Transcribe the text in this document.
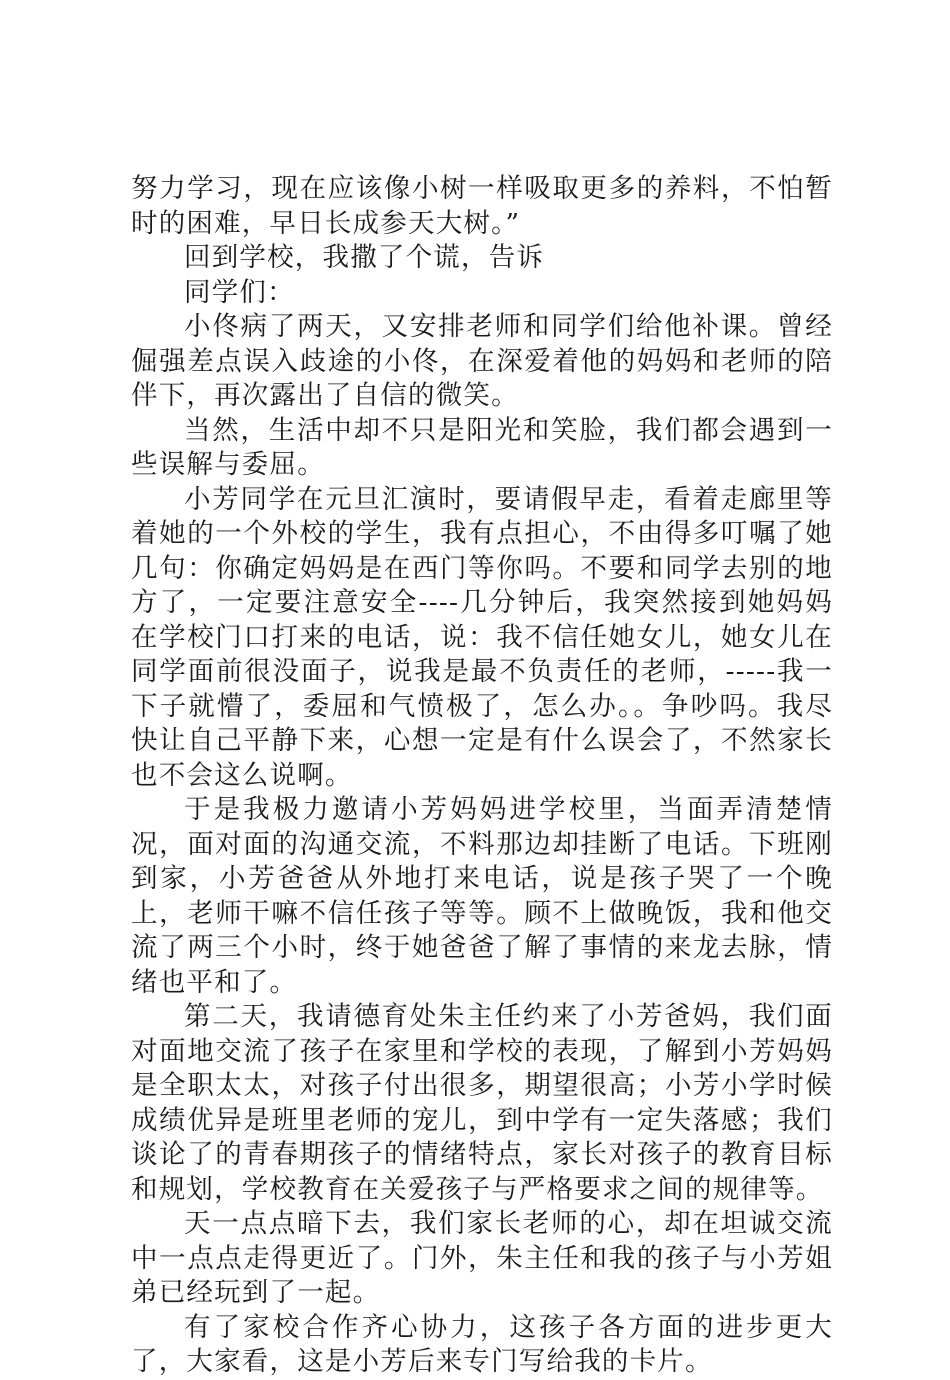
努力学习，现在应该像小树一样吸取更多的养料，不怕暂时的困难，早日长成参天大树。”

回到学校，我撒了个谎，告诉

同学们：

小佟病了两天，又安排老师和同学们给他补课。曾经倔强差点误入歧途的小佟，在深爱着他的妈妈和老师的陪伴下，再次露出了自信的微笑。

当然，生活中却不只是阳光和笑脸，我们都会遇到一些误解与委屈。

小芳同学在元旦汇演时，要请假早走，看着走廊里等着她的一个外校的学生，我有点担心，不由得多叮嘱了她几句：你确定妈妈是在西门等你吗。不要和同学去别的地方了，一定要注意安全----几分钟后，我突然接到她妈妈在学校门口打来的电话，说：我不信任她女儿，她女儿在同学面前很没面子，说我是最不负责任的老师，-----我一下子就懵了，委屈和气愤极了，怎么办。。争吵吗。我尽快让自己平静下来，心想一定是有什么误会了，不然家长也不会这么说啊。

于是我极力邀请小芳妈妈进学校里，当面弄清楚情况，面对面的沟通交流，不料那边却挂断了电话。下班刚到家，小芳爸爸从外地打来电话，说是孩子哭了一个晚上，老师干嘛不信任孩子等等。顾不上做晚饭，我和他交流了两三个小时，终于她爸爸了解了事情的来龙去脉，情绪也平和了。

第二天，我请德育处朱主任约来了小芳爸妈，我们面对面地交流了孩子在家里和学校的表现，了解到小芳妈妈是全职太太，对孩子付出很多，期望很高；小芳小学时候成绩优异是班里老师的宠儿，到中学有一定失落感；我们谈论了的青春期孩子的情绪特点，家长对孩子的教育目标和规划，学校教育在关爱孩子与严格要求之间的规律等。

天一点点暗下去，我们家长老师的心，却在坦诚交流中一点点走得更近了。门外，朱主任和我的孩子与小芳姐弟已经玩到了一起。

有了家校合作齐心协力，这孩子各方面的进步更大了，大家看，这是小芳后来专门写给我的卡片。
